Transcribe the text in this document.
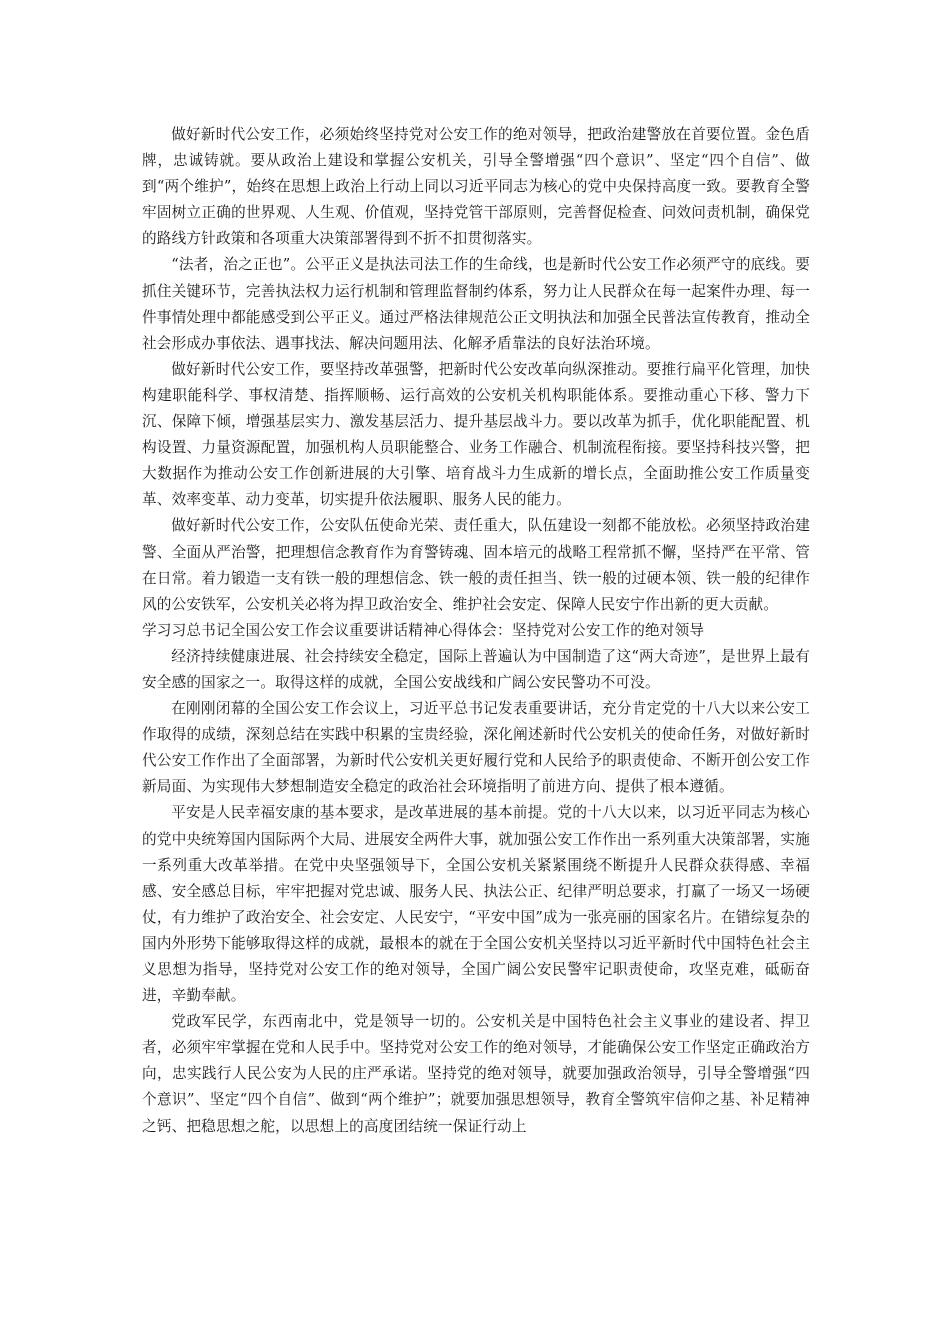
做好新时代公安工作，必须始终坚持党对公安工作的绝对领导，把政治建警放在首要位置。金色盾牌，忠诚铸就。要从政治上建设和掌握公安机关，引导全警增强“四个意识”、坚定“四个自信”、做到“两个维护”，始终在思想上政治上行动上同以习近平同志为核心的党中央保持高度一致。要教育全警牢固树立正确的世界观、人生观、价值观，坚持党管干部原则，完善督促检查、问效问责机制，确保党的路线方针政策和各项重大决策部署得到不折不扣贯彻落实。

“法者，治之正也”。公平正义是执法司法工作的生命线，也是新时代公安工作必须严守的底线。要抓住关键环节，完善执法权力运行机制和管理监督制约体系，努力让人民群众在每一起案件办理、每一件事情处理中都能感受到公平正义。通过严格法律规范公正文明执法和加强全民普法宣传教育，推动全社会形成办事依法、遇事找法、解决问题用法、化解矛盾靠法的良好法治环境。

做好新时代公安工作，要坚持改革强警，把新时代公安改革向纵深推动。要推行扁平化管理，加快构建职能科学、事权清楚、指挥顺畅、运行高效的公安机关机构职能体系。要推动重心下移、警力下沉、保障下倾，增强基层实力、激发基层活力、提升基层战斗力。要以改革为抓手，优化职能配置、机构设置、力量资源配置，加强机构人员职能整合、业务工作融合、机制流程衔接。要坚持科技兴警，把大数据作为推动公安工作创新进展的大引擎、培育战斗力生成新的增长点，全面助推公安工作质量变革、效率变革、动力变革，切实提升依法履职、服务人民的能力。

做好新时代公安工作，公安队伍使命光荣、责任重大，队伍建设一刻都不能放松。必须坚持政治建警、全面从严治警，把理想信念教育作为育警铸魂、固本培元的战略工程常抓不懈，坚持严在平常、管在日常。着力锻造一支有铁一般的理想信念、铁一般的责任担当、铁一般的过硬本领、铁一般的纪律作风的公安铁军，公安机关必将为捍卫政治安全、维护社会安定、保障人民安宁作出新的更大贡献。

学习习总书记全国公安工作会议重要讲话精神心得体会：坚持党对公安工作的绝对领导

经济持续健康进展、社会持续安全稳定，国际上普遍认为中国制造了这“两大奇迹”，是世界上最有安全感的国家之一。取得这样的成就，全国公安战线和广阔公安民警功不可没。

在刚刚闭幕的全国公安工作会议上，习近平总书记发表重要讲话，充分肯定党的十八大以来公安工作取得的成绩，深刻总结在实践中积累的宝贵经验，深化阐述新时代公安机关的使命任务，对做好新时代公安工作作出了全面部署，为新时代公安机关更好履行党和人民给予的职责使命、不断开创公安工作新局面、为实现伟大梦想制造安全稳定的政治社会环境指明了前进方向、提供了根本遵循。

平安是人民幸福安康的基本要求，是改革进展的基本前提。党的十八大以来，以习近平同志为核心的党中央统筹国内国际两个大局、进展安全两件大事，就加强公安工作作出一系列重大决策部署，实施一系列重大改革举措。在党中央坚强领导下，全国公安机关紧紧围绕不断提升人民群众获得感、幸福感、安全感总目标，牢牢把握对党忠诚、服务人民、执法公正、纪律严明总要求，打赢了一场又一场硬仗，有力维护了政治安全、社会安定、人民安宁，“平安中国”成为一张亮丽的国家名片。在错综复杂的国内外形势下能够取得这样的成就，最根本的就在于全国公安机关坚持以习近平新时代中国特色社会主义思想为指导，坚持党对公安工作的绝对领导，全国广阔公安民警牢记职责使命，攻坚克难，砥砺奋进，辛勤奉献。

党政军民学，东西南北中，党是领导一切的。公安机关是中国特色社会主义事业的建设者、捍卫者，必须牢牢掌握在党和人民手中。坚持党对公安工作的绝对领导，才能确保公安工作坚定正确政治方向，忠实践行人民公安为人民的庄严承诺。坚持党的绝对领导，就要加强政治领导，引导全警增强“四个意识”、坚定“四个自信”、做到“两个维护”；就要加强思想领导，教育全警筑牢信仰之基、补足精神之钙、把稳思想之舵，以思想上的高度团结统一保证行动上
